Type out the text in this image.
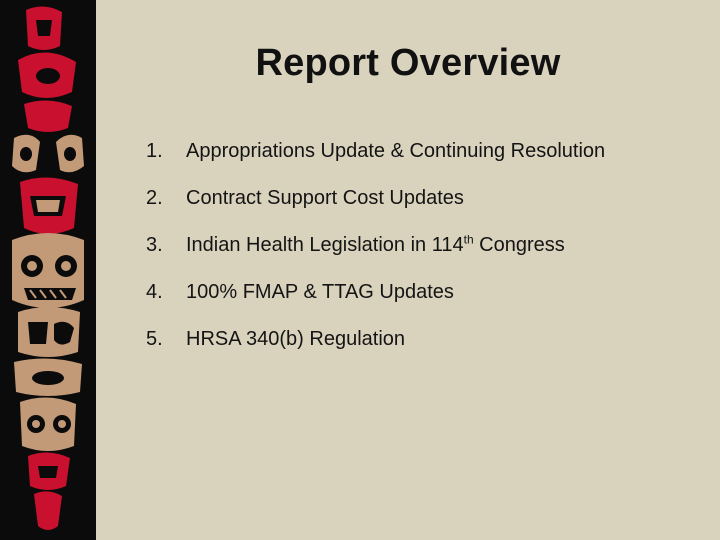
Report Overview
1.	Appropriations Update & Continuing Resolution
2.	Contract Support Cost Updates
3.	Indian Health Legislation in 114th Congress
4.	100% FMAP & TTAG Updates
5.	HRSA 340(b) Regulation
